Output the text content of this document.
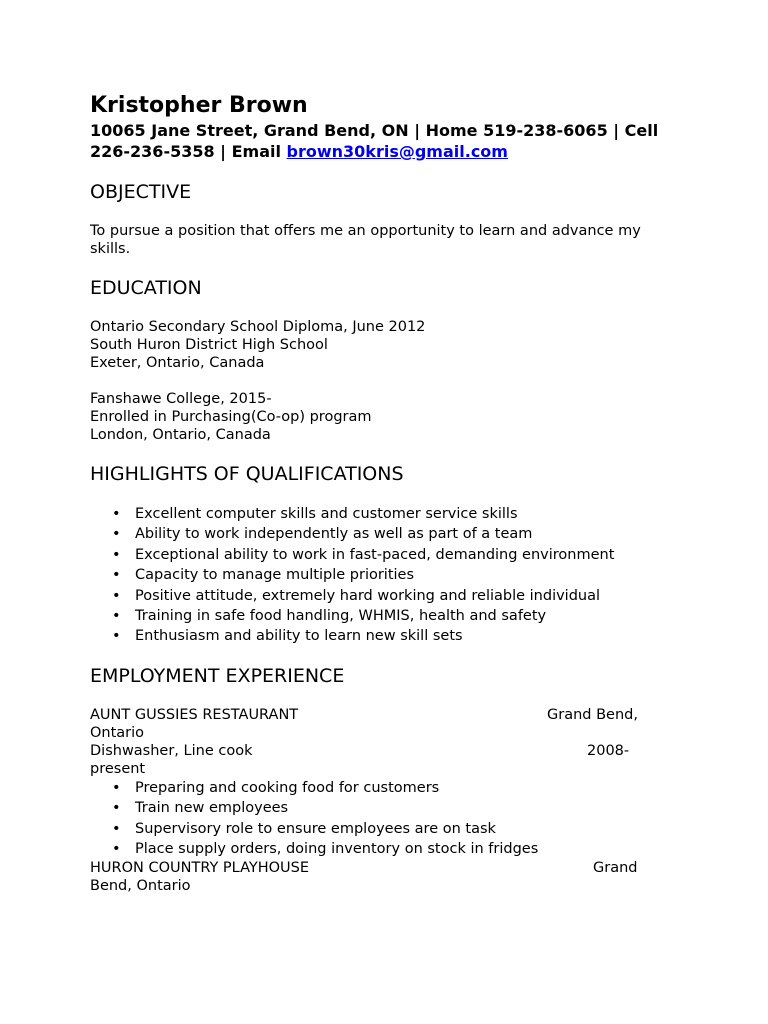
Kristopher Brown
10065 Jane Street, Grand Bend, ON | Home 519-238-6065 | Cell
226-236-5358 | Email brown30kris@gmail.com
OBJECTIVE
To pursue a position that offers me an opportunity to learn and advance my
skills.
EDUCATION
Ontario Secondary School Diploma, June 2012
South Huron District High School
Exeter, Ontario, Canada
Fanshawe College, 2015-
Enrolled in Purchasing(Co-op) program
London, Ontario, Canada
HIGHLIGHTS OF QUALIFICATIONS
• Excellent computer skills and customer service skills
• Ability to work independently as well as part of a team
• Exceptional ability to work in fast-paced, demanding environment
• Capacity to manage multiple priorities
• Positive attitude, extremely hard working and reliable individual
• Training in safe food handling, WHMIS, health and safety
• Enthusiasm and ability to learn new skill sets
EMPLOYMENT EXPERIENCE
AUNT GUSSIES RESTAURANT	Grand Bend,
Ontario
Dishwasher, Line cook	2008-
present
• Preparing and cooking food for customers
• Train new employees
• Supervisory role to ensure employees are on task
• Place supply orders, doing inventory on stock in fridges
HURON COUNTRY PLAYHOUSE	Grand
Bend, Ontario
